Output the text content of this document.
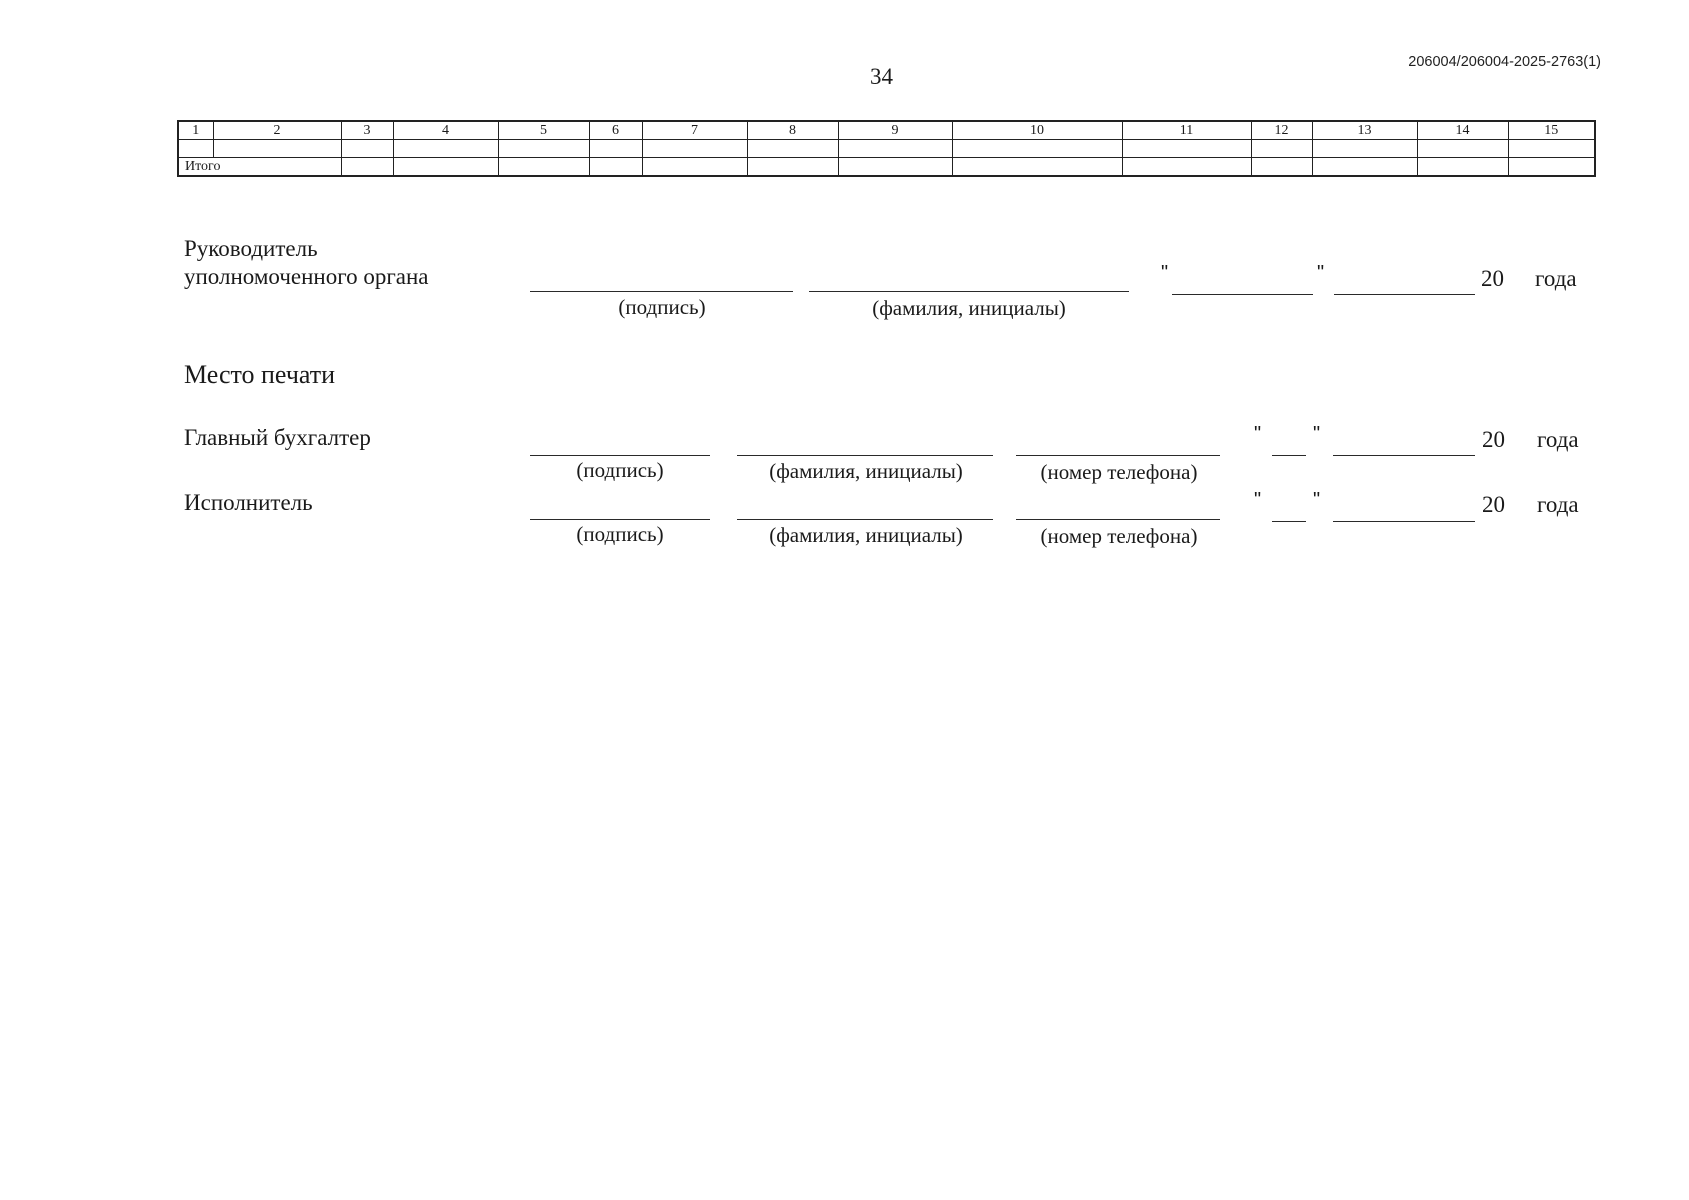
34
206004/206004-2025-2763(1)
1	2	3	4	5	6	7	8	9	10	11	12	13	14	15

Итого														
Руководитель
уполномоченного органа
(подпись)	(фамилия, инициалы)
"	"	20 года
Место печати
Главный бухгалтер
(подпись)	(фамилия, инициалы)	(номер телефона)
"	"	20 года
Исполнитель
(подпись)	(фамилия, инициалы)	(номер телефона)
"	"	20 года
